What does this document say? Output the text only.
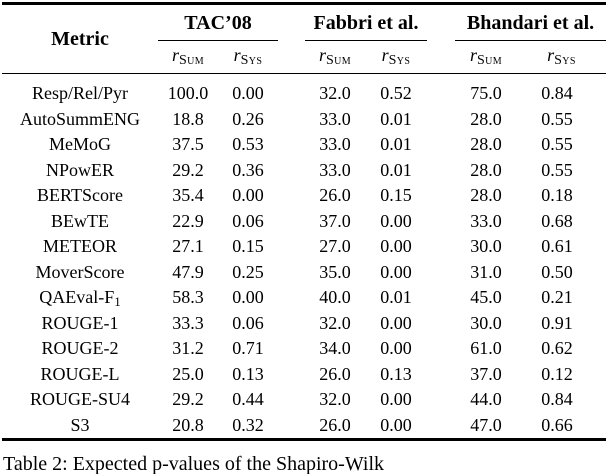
Metric	TAC’08			Fabbri et al.			Bhandari et al.	
	rSum	rSys		rSum	rSys		rSum	rSys
Resp/Rel/Pyr	100.0	0.00		32.0	0.52		75.0	0.84
AutoSummENG	18.8	0.26		33.0	0.01		28.0	0.55
MeMoG	37.5	0.53		33.0	0.01		28.0	0.55
NPowER	29.2	0.36		33.0	0.01		28.0	0.55
BERTScore	35.4	0.00		26.0	0.15		28.0	0.18
BEwTE	22.9	0.06		37.0	0.00		33.0	0.68
METEOR	27.1	0.15		27.0	0.00		30.0	0.61
MoverScore	47.9	0.25		35.0	0.00		31.0	0.50
QAEval-$F_1$	58.3	0.00		40.0	0.01		45.0	0.21
ROUGE-1	33.3	0.06		32.0	0.00		30.0	0.91
ROUGE-2	31.2	0.71		34.0	0.00		61.0	0.62
ROUGE-L	25.0	0.13		26.0	0.13		37.0	0.12
ROUGE-SU4	29.2	0.44		32.0	0.00		44.0	0.84
S3	20.8	0.32		26.0	0.00		47.0	0.66
Table 2: Expected p-values of the Shapiro-Wilk
